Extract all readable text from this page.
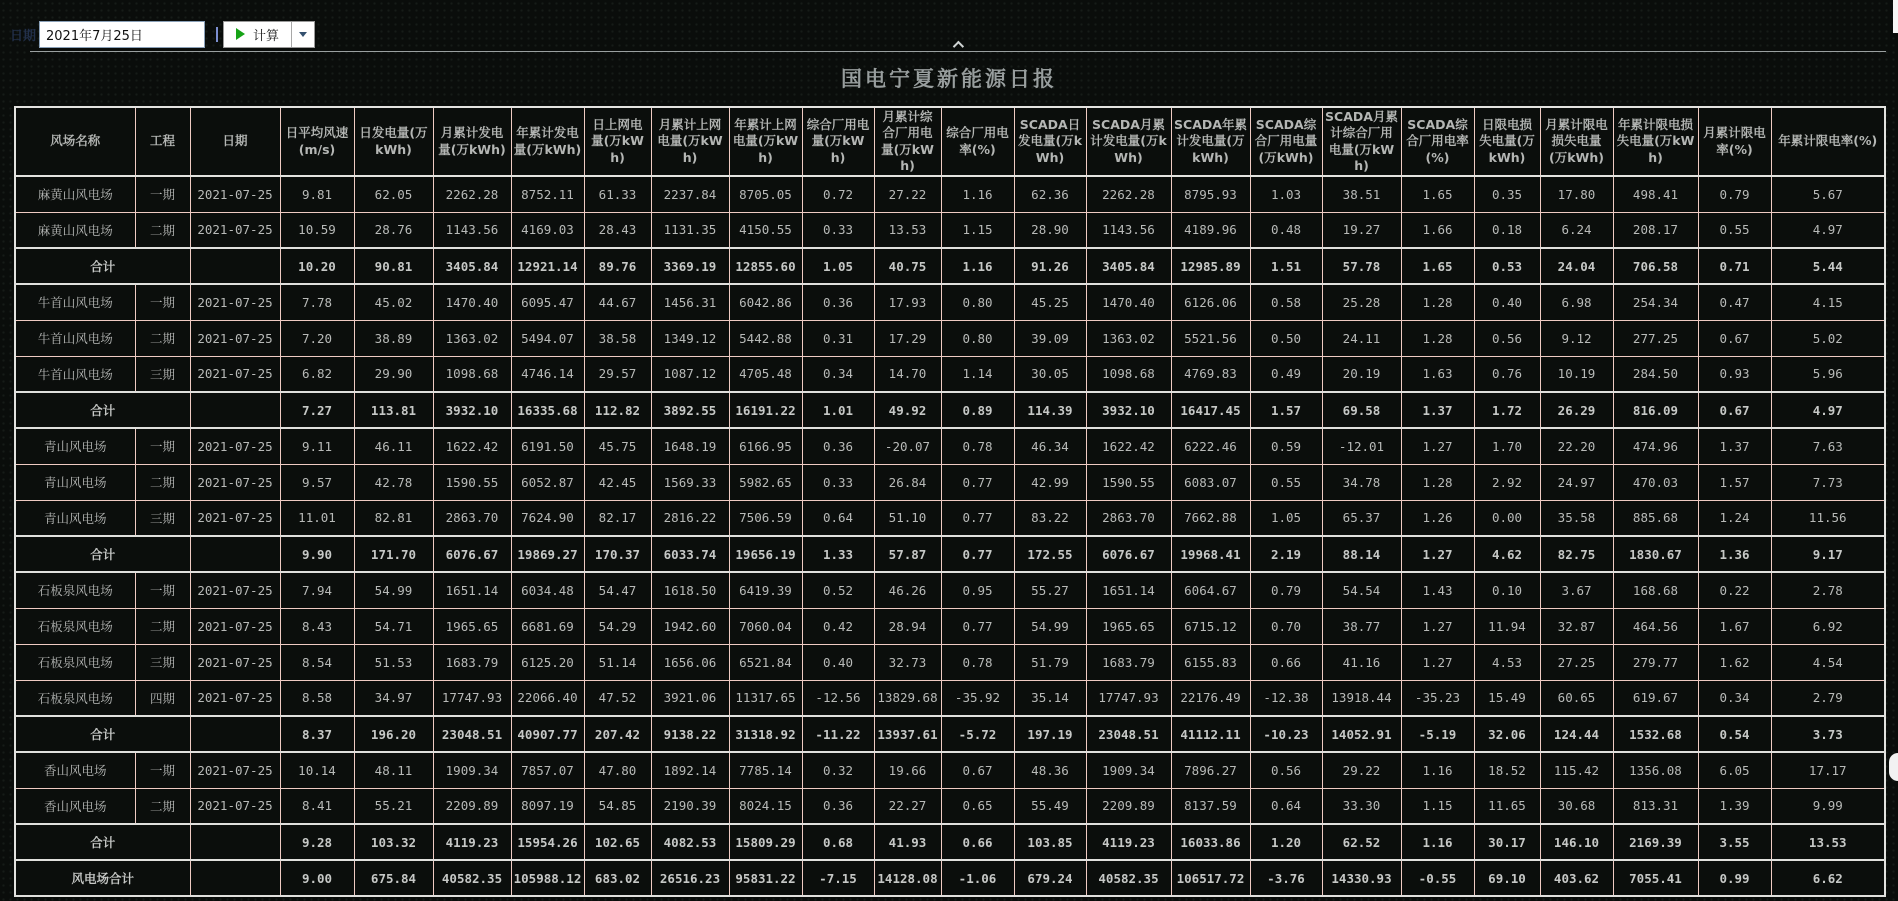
日期
2021年7月25日	计算
国电宁夏新能源日报
风场名称	工程	日期	日平均风速(m/s)	日发电量(万kWh)	月累计发电量(万kWh)	年累计发电量(万kWh)	日上网电量(万kWh)	月累计上网电量(万kWh)	年累计上网电量(万kWh)	综合厂用电量(万kWh)	月累计综合厂用电量(万kWh)	综合厂用电率(%)	SCADA日发电量(万kWh)	SCADA月累计发电量(万kWh)	SCADA年累计发电量(万kWh)	SCADA综合厂用电量(万kWh)	SCADA月累计综合厂用电量(万kWh)	SCADA综合厂用电率(%)	日限电损失电量(万kWh)	月累计限电损失电量(万kWh)	年累计限电损失电量(万kWh)	月累计限电率(%)	年累计限电率(%)
麻黄山风电场	一期	2021-07-25	9.81	62.05	2262.28	8752.11	61.33	2237.84	8705.05	0.72	27.22	1.16	62.36	2262.28	8795.93	1.03	38.51	1.65	0.35	17.80	498.41	0.79	5.67
麻黄山风电场	二期	2021-07-25	10.59	28.76	1143.56	4169.03	28.43	1131.35	4150.55	0.33	13.53	1.15	28.90	1143.56	4189.96	0.48	19.27	1.66	0.18	6.24	208.17	0.55	4.97
合计			10.20	90.81	3405.84	12921.14	89.76	3369.19	12855.60	1.05	40.75	1.16	91.26	3405.84	12985.89	1.51	57.78	1.65	0.53	24.04	706.58	0.71	5.44
牛首山风电场	一期	2021-07-25	7.78	45.02	1470.40	6095.47	44.67	1456.31	6042.86	0.36	17.93	0.80	45.25	1470.40	6126.06	0.58	25.28	1.28	0.40	6.98	254.34	0.47	4.15
牛首山风电场	二期	2021-07-25	7.20	38.89	1363.02	5494.07	38.58	1349.12	5442.88	0.31	17.29	0.80	39.09	1363.02	5521.56	0.50	24.11	1.28	0.56	9.12	277.25	0.67	5.02
牛首山风电场	三期	2021-07-25	6.82	29.90	1098.68	4746.14	29.57	1087.12	4705.48	0.34	14.70	1.14	30.05	1098.68	4769.83	0.49	20.19	1.63	0.76	10.19	284.50	0.93	5.96
合计			7.27	113.81	3932.10	16335.68	112.82	3892.55	16191.22	1.01	49.92	0.89	114.39	3932.10	16417.45	1.57	69.58	1.37	1.72	26.29	816.09	0.67	4.97
青山风电场	一期	2021-07-25	9.11	46.11	1622.42	6191.50	45.75	1648.19	6166.95	0.36	-20.07	0.78	46.34	1622.42	6222.46	0.59	-12.01	1.27	1.70	22.20	474.96	1.37	7.63
青山风电场	二期	2021-07-25	9.57	42.78	1590.55	6052.87	42.45	1569.33	5982.65	0.33	26.84	0.77	42.99	1590.55	6083.07	0.55	34.78	1.28	2.92	24.97	470.03	1.57	7.73
青山风电场	三期	2021-07-25	11.01	82.81	2863.70	7624.90	82.17	2816.22	7506.59	0.64	51.10	0.77	83.22	2863.70	7662.88	1.05	65.37	1.26	0.00	35.58	885.68	1.24	11.56
合计			9.90	171.70	6076.67	19869.27	170.37	6033.74	19656.19	1.33	57.87	0.77	172.55	6076.67	19968.41	2.19	88.14	1.27	4.62	82.75	1830.67	1.36	9.17
石板泉风电场	一期	2021-07-25	7.94	54.99	1651.14	6034.48	54.47	1618.50	6419.39	0.52	46.26	0.95	55.27	1651.14	6064.67	0.79	54.54	1.43	0.10	3.67	168.68	0.22	2.78
石板泉风电场	二期	2021-07-25	8.43	54.71	1965.65	6681.69	54.29	1942.60	7060.04	0.42	28.94	0.77	54.99	1965.65	6715.12	0.70	38.77	1.27	11.94	32.87	464.56	1.67	6.92
石板泉风电场	三期	2021-07-25	8.54	51.53	1683.79	6125.20	51.14	1656.06	6521.84	0.40	32.73	0.78	51.79	1683.79	6155.83	0.66	41.16	1.27	4.53	27.25	279.77	1.62	4.54
石板泉风电场	四期	2021-07-25	8.58	34.97	17747.93	22066.40	47.52	3921.06	11317.65	-12.56	13829.68	-35.92	35.14	17747.93	22176.49	-12.38	13918.44	-35.23	15.49	60.65	619.67	0.34	2.79
合计			8.37	196.20	23048.51	40907.77	207.42	9138.22	31318.92	-11.22	13937.61	-5.72	197.19	23048.51	41112.11	-10.23	14052.91	-5.19	32.06	124.44	1532.68	0.54	3.73
香山风电场	一期	2021-07-25	10.14	48.11	1909.34	7857.07	47.80	1892.14	7785.14	0.32	19.66	0.67	48.36	1909.34	7896.27	0.56	29.22	1.16	18.52	115.42	1356.08	6.05	17.17
香山风电场	二期	2021-07-25	8.41	55.21	2209.89	8097.19	54.85	2190.39	8024.15	0.36	22.27	0.65	55.49	2209.89	8137.59	0.64	33.30	1.15	11.65	30.68	813.31	1.39	9.99
合计			9.28	103.32	4119.23	15954.26	102.65	4082.53	15809.29	0.68	41.93	0.66	103.85	4119.23	16033.86	1.20	62.52	1.16	30.17	146.10	2169.39	3.55	13.53
风电场合计			9.00	675.84	40582.35	105988.12	683.02	26516.23	95831.22	-7.15	14128.08	-1.06	679.24	40582.35	106517.72	-3.76	14330.93	-0.55	69.10	403.62	7055.41	0.99	6.62
